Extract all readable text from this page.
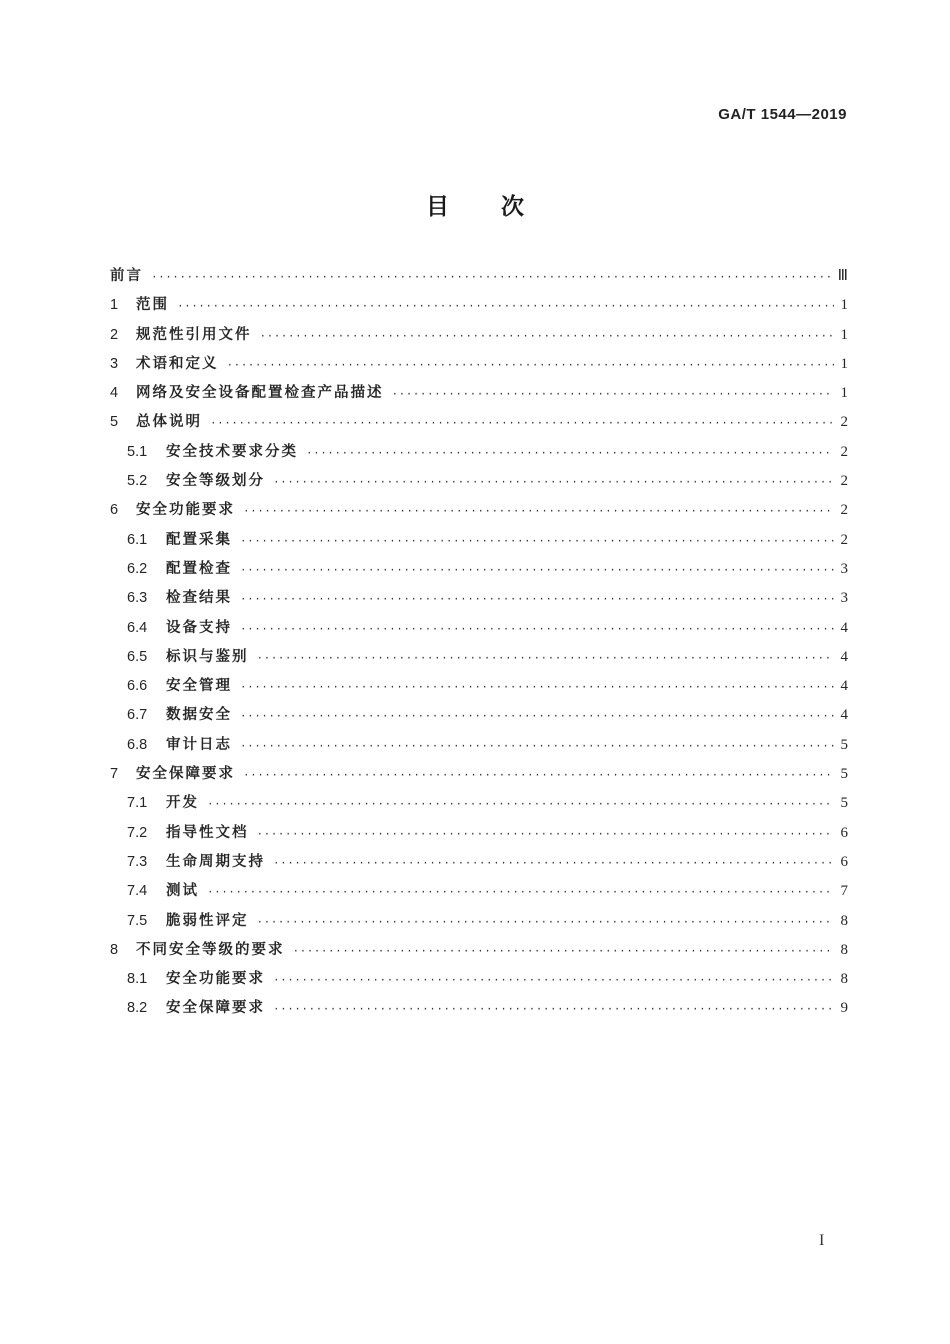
GA/T 1544—2019
目次
前言 ·····	Ⅲ
1	范围 ·····	1
2	规范性引用文件 ·····	1
3	术语和定义 ·····	1
4	网络及安全设备配置检查产品描述 ·····	1
5	总体说明 ·····	2
5.1	安全技术要求分类 ·····	2
5.2	安全等级划分 ·····	2
6	安全功能要求 ·····	2
6.1	配置采集 ·····	2
6.2	配置检查 ·····	3
6.3	检查结果 ·····	3
6.4	设备支持 ·····	4
6.5	标识与鉴别 ·····	4
6.6	安全管理 ·····	4
6.7	数据安全 ·····	4
6.8	审计日志 ·····	5
7	安全保障要求 ·····	5
7.1	开发 ·····	5
7.2	指导性文档 ·····	6
7.3	生命周期支持 ·····	6
7.4	测试 ·····	7
7.5	脆弱性评定 ·····	8
8	不同安全等级的要求 ·····	8
8.1	安全功能要求 ·····	8
8.2	安全保障要求 ·····	9
I
